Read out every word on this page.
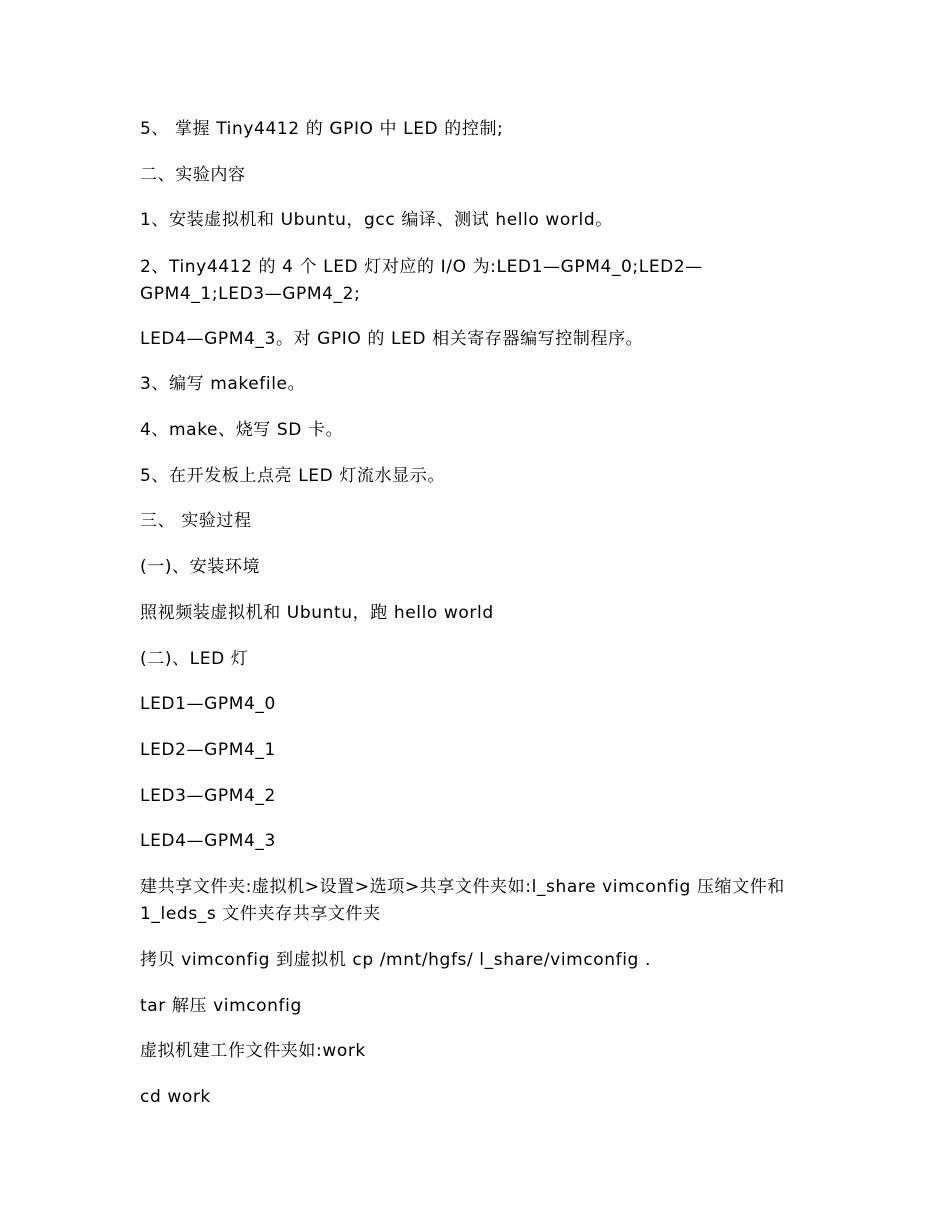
5、 掌握 Tiny4412 的 GPIO 中 LED 的控制;

二、实验内容

1、安装虚拟机和 Ubuntu，gcc 编译、测试 hello world。

2、Tiny4412 的 4 个 LED 灯对应的 I/O 为:LED1—GPM4_0;LED2—

GPM4_1;LED3—GPM4_2;

LED4—GPM4_3。对 GPIO 的 LED 相关寄存器编写控制程序。

3、编写 makefile。

4、make、烧写 SD 卡。

5、在开发板上点亮 LED 灯流水显示。

三、 实验过程

(一)、安装环境

照视频装虚拟机和 Ubuntu，跑 hello world

(二)、LED 灯

LED1—GPM4_0

LED2—GPM4_1

LED3—GPM4_2

LED4—GPM4_3

建共享文件夹:虚拟机>设置>选项>共享文件夹如:l_share vimconfig 压缩文件和

1_leds_s 文件夹存共享文件夹

拷贝 vimconfig 到虚拟机 cp /mnt/hgfs/ l_share/vimconfig .

tar 解压 vimconfig

虚拟机建工作文件夹如:work

cd work
